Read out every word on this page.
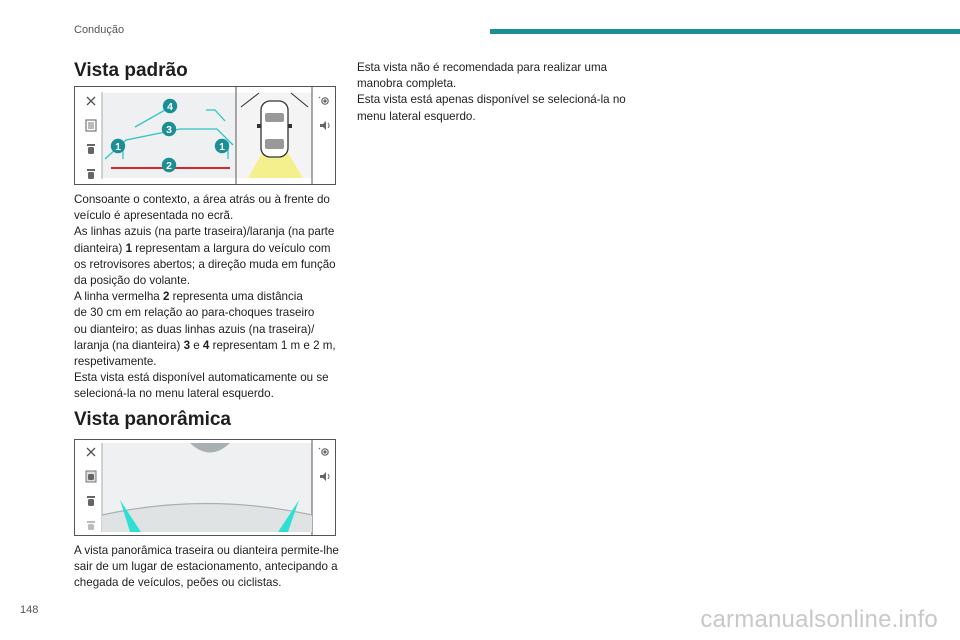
Condução
Vista padrão
4
3
1	1
2

Consoante o contexto, a área atrás ou à frente do

veículo é apresentada no ecrã.

As linhas azuis (na parte traseira)/laranja (na parte

dianteira) 1 representam a largura do veículo com

os retrovisores abertos; a direção muda em função

da posição do volante.

A linha vermelha 2 representa uma distância

de 30 cm em relação ao para-choques traseiro

ou dianteiro; as duas linhas azuis (na traseira)/

laranja (na dianteira) 3 e 4 representam 1 m e 2 m,

respetivamente.

Esta vista está disponível automaticamente ou se

selecioná-la no menu lateral esquerdo.

Vista panorâmica

A vista panorâmica traseira ou dianteira permite-lhe

sair de um lugar de estacionamento, antecipando a

chegada de veículos, peões ou ciclistas.

Esta vista não é recomendada para realizar uma

manobra completa.

Esta vista está apenas disponível se selecioná-la no

menu lateral esquerdo.

148	carmanualsonline.info
